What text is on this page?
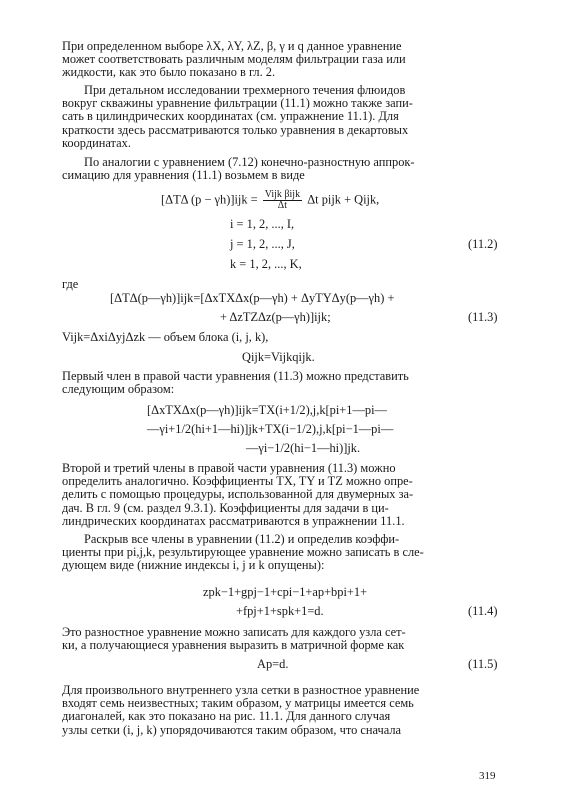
При определенном выборе λX, λY, λZ, β, γ и q данное уравнение
может соответствовать различным моделям фильтрации газа или
жидкости, как это было показано в гл. 2.

При детальном исследовании трехмерного течения флюидов
вокруг скважины уравнение фильтрации (11.1) можно также запи-
сать в цилиндрических координатах (см. упражнение 11.1). Для
краткости здесь рассматриваются только уравнения в декартовых
координатах.

По аналогии с уравнением (7.12) конечно-разностную аппрок-
симацию для уравнения (11.1) возьмем в виде

[ΔTΔ $(p - \gamma h)]ijk = \frac{\text{Vijk βijk}}{\Delta t}$ Δt pijk + Qijk,

i = 1, 2, ..., I,

j = 1, 2, ..., J,

k = 1, 2, ..., K,

(11.2)

где

[ΔTΔ(p—γh)]ijk=[ΔxTXΔx(p—γh) + ΔyTYΔy(p—γh) +

+ ΔzTZΔz(p—γh)]ijk;	(11.3)

Vijk=ΔxiΔyjΔzk — объем блока (i, j, k),

Qijk=Vijkqijk.

Первый член в правой части уравнения (11.3) можно представить
следующим образом:

[ΔxTXΔx(p—γh)]ijk=TX(i+1/2),j,k[pi+1—pi—

—γi+1/2(hi+1—hi)]jk+TX(i−1/2),j,k[pi−1—pi—

—γi−1/2(hi−1—hi)]jk.

Второй и третий члены в правой части уравнения (11.3) можно
определить аналогично. Коэффициенты TX, TY и TZ можно опре-
делить с помощью процедуры, использованной для двумерных за-
дач. В гл. 9 (см. раздел 9.3.1). Коэффициенты для задачи в ци-
линдрических координатах рассматриваются в упражнении 11.1.

Раскрыв все члены в уравнении (11.2) и определив коэффи-
циенты при pi,j,k, результирующее уравнение можно записать в сле-
дующем виде (нижние индексы i, j и k опущены):

zpk−1+gpj−1+cpi−1+ap+bpi+1+

+fpj+1+spk+1=d.	(11.4)

Это разностное уравнение можно записать для каждого узла сет-
ки, а получающиеся уравнения выразить в матричной форме как

Ap=d.	(11.5)

Для произвольного внутреннего узла сетки в разностное уравнение
входят семь неизвестных; таким образом, у матрицы имеется семь
диагоналей, как это показано на рис. 11.1. Для данного случая
узлы сетки (i, j, k) упорядочиваются таким образом, что сначала

319
